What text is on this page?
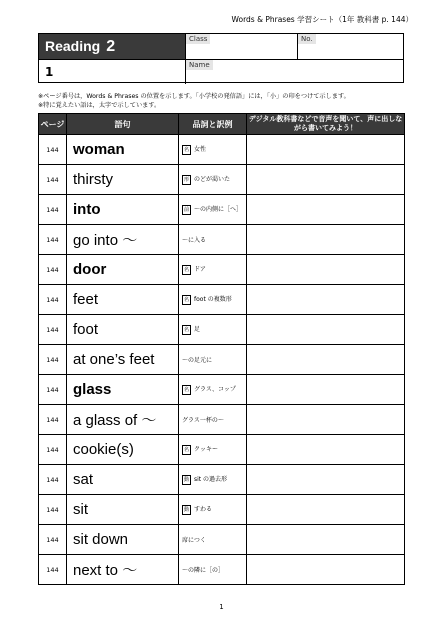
Words & Phrases 学習シート（1年 教科書 p. 144）
Reading 2
1
Class	No.
Name
※ページ番号は，Words & Phrases の位置を示します。「小学校の発信語」には，「小」の印をつけて示します。
※特に覚えたい語は，太字で示しています。
ページ	語句	品詞と訳例	デジタル教科書などで音声を聞いて、声に出しながら書いてみよう！
144	woman	名 女性	
144	thirsty	形 のどが渇いた	
144	into	前 ～の内側に［へ］	
144	go into ～	～に入る	
144	door	名 ドア	
144	feet	名 foot の複数形	
144	foot	名 足	
144	at one’s feet	～の足元に	
144	glass	名 グラス、コップ	
144	a glass of ～	グラス一杯の～	
144	cookie(s)	名 クッキー	
144	sat	動 sit の過去形	
144	sit	動 すわる	
144	sit down	席につく	
144	next to ～	～の隣に［の］	
1
